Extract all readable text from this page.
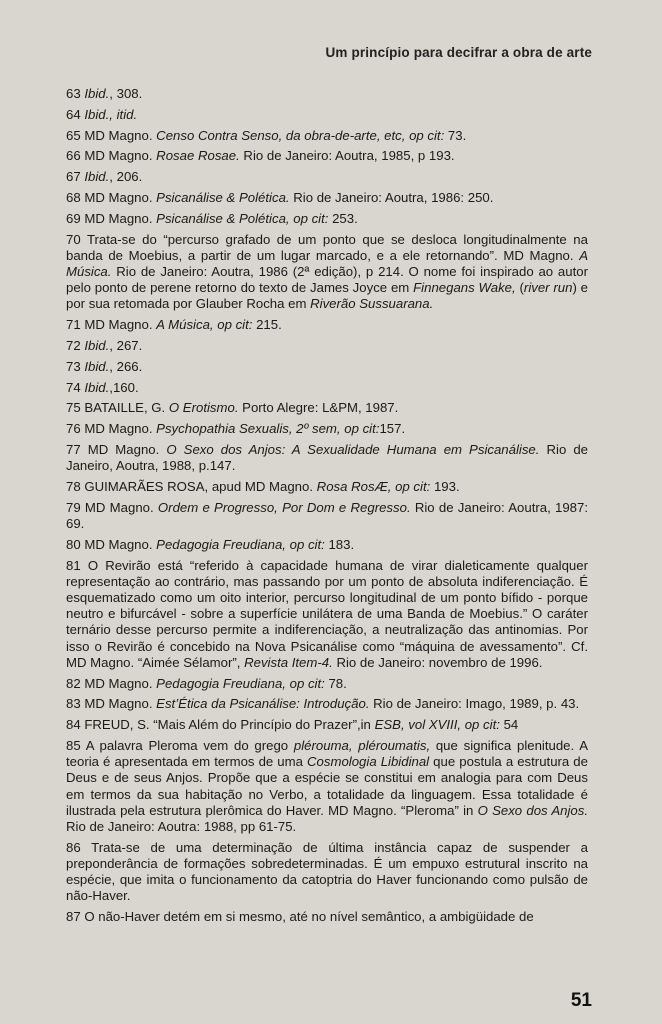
Um princípio para decifrar a obra de arte

63 Ibid., 308.

64 Ibid., itid.

65 MD Magno. Censo Contra Senso, da obra-de-arte, etc, op cit: 73.

66 MD Magno. Rosae Rosae. Rio de Janeiro: Aoutra, 1985, p 193.

67 Ibid., 206.

68 MD Magno. Psicanálise & Polética. Rio de Janeiro: Aoutra, 1986: 250.

69 MD Magno. Psicanálise & Polética, op cit: 253.

70 Trata-se do “percurso grafado de um ponto que se desloca longitudinalmente na banda de Moebius, a partir de um lugar marcado, e a ele retornando”. MD Magno. A Música. Rio de Janeiro: Aoutra, 1986 (2ª edição), p 214. O nome foi inspirado ao autor pelo ponto de perene retorno do texto de James Joyce em Finnegans Wake, (river run) e por sua retomada por Glauber Rocha em Riverão Sussuarana.

71 MD Magno. A Música, op cit: 215.

72 Ibid., 267.

73 Ibid., 266.

74 Ibid.,160.

75 BATAILLE, G. O Erotismo. Porto Alegre: L&PM, 1987.

76 MD Magno. Psychopathia Sexualis, 2º sem, op cit:157.

77 MD Magno. O Sexo dos Anjos: A Sexualidade Humana em Psicanálise. Rio de Janeiro, Aoutra, 1988, p.147.

78 GUIMARÃES ROSA, apud MD Magno. Rosa RosÆ, op cit: 193.

79 MD Magno. Ordem e Progresso, Por Dom e Regresso. Rio de Janeiro: Aoutra, 1987: 69.

80 MD Magno. Pedagogia Freudiana, op cit: 183.

81 O Revirão está “referido à capacidade humana de virar dialeticamente qualquer representação ao contrário, mas passando por um ponto de absoluta indiferenciação. É esquematizado como um oito interior, percurso longitudinal de um ponto bífido - porque neutro e bifurcável - sobre a superfície unilátera de uma Banda de Moebius.” O caráter ternário desse percurso permite a indiferenciação, a neutralização das antinomias. Por isso o Revirão é concebido na Nova Psicanálise como “máquina de avessamento”. Cf. MD Magno. “Aimée Sélamor”, Revista Item-4. Rio de Janeiro: novembro de 1996.

82 MD Magno. Pedagogia Freudiana, op cit: 78.

83 MD Magno. Est’Ética da Psicanálise: Introdução. Rio de Janeiro: Imago, 1989, p. 43.

84 FREUD, S. “Mais Além do Princípio do Prazer”,in ESB, vol XVIII, op cit: 54

85 A palavra Pleroma vem do grego plérouma, pléroumatis, que significa plenitude. A teoria é apresentada em termos de uma Cosmologia Libidinal que postula a estrutura de Deus e de seus Anjos. Propõe que a espécie se constitui em analogia para com Deus em termos da sua habitação no Verbo, a totalidade da linguagem. Essa totalidade é ilustrada pela estrutura plerômica do Haver. MD Magno. “Pleroma” in O Sexo dos Anjos. Rio de Janeiro: Aoutra: 1988, pp 61-75.

86 Trata-se de uma determinação de última instância capaz de suspender a preponderância de formações sobredeterminadas. É um empuxo estrutural inscrito na espécie, que imita o funcionamento da catoptria do Haver funcionando como pulsão de não-Haver.

87 O não-Haver detém em si mesmo, até no nível semântico, a ambigüidade de

51
